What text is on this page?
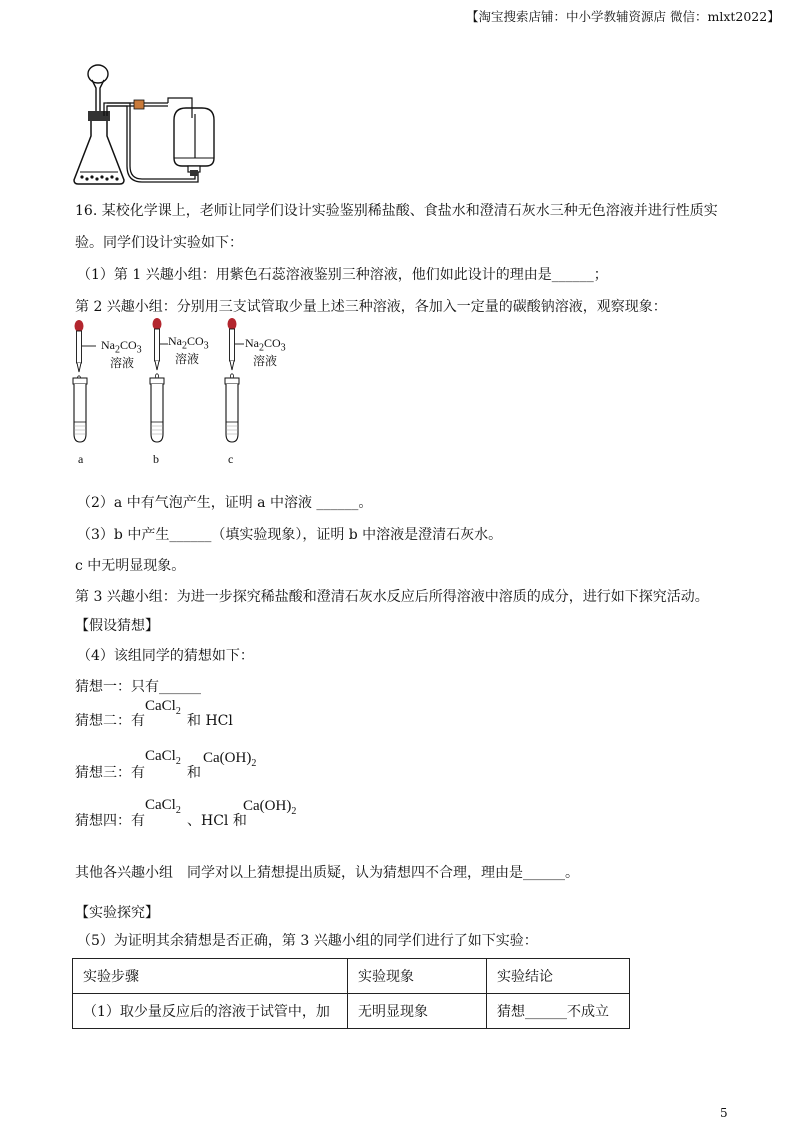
【淘宝搜索店铺：中小学教辅资源店 微信：mlxt2022】
16. 某校化学课上，老师让同学们设计实验鉴别稀盐酸、食盐水和澄清石灰水三种无色溶液并进行性质实
验。同学们设计实验如下：
（1）第 1 兴趣小组：用紫色石蕊溶液鉴别三种溶液，他们如此设计的理由是______；
第 2 兴趣小组：分别用三支试管取少量上述三种溶液，各加入一定量的碳酸钠溶液，观察现象：
$Na_2CO_3$
溶液
$Na_2CO_3$
溶液
$Na_2CO_3$
溶液
a	b	c
（2）a 中有气泡产生，证明 a 中溶液 ______。
（3）b 中产生______（填实验现象），证明 b 中溶液是澄清石灰水。
c 中无明显现象。
第 3 兴趣小组：为进一步探究稀盐酸和澄清石灰水反应后所得溶液中溶质的成分，进行如下探究活动。
【假设猜想】
（4）该组同学的猜想如下：
猜想一：只有______
猜想二：有
CaCl$_2$
和 HCl
猜想三：有
CaCl$_2$
和
$Ca(OH)_2$
猜想四：有
CaCl$_2$
、HCl 和
$Ca(OH)_2$
其他各兴趣小组　同学对以上猜想提出质疑，认为猜想四不合理，理由是______。
【实验探究】
（5）为证明其余猜想是否正确，第 3 兴趣小组的同学们进行了如下实验：
实验步骤	实验现象	实验结论
（1）取少量反应后的溶液于试管中，加	无明显现象	猜想______不成立
5
